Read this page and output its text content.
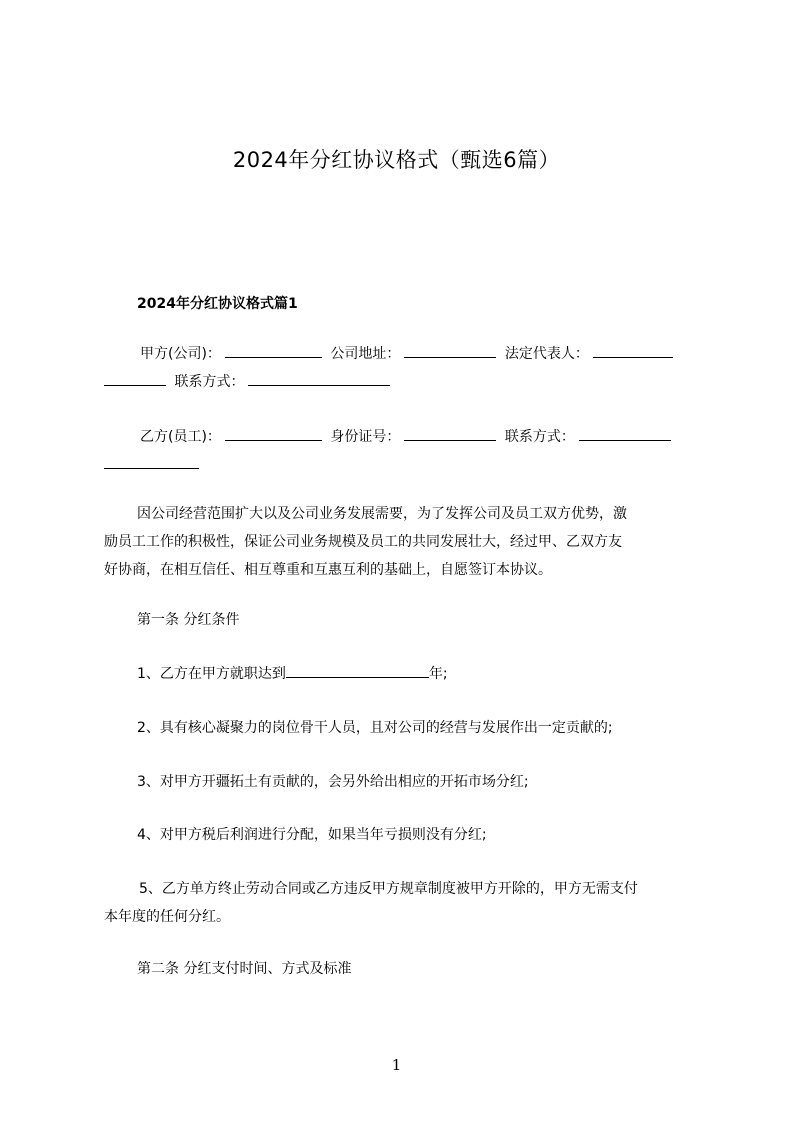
2024年分红协议格式（甄选6篇）
2024年分红协议格式篇1
甲方(公司)：	公司地址：	法定代表人：
联系方式：
乙方(员工)：	身份证号：	联系方式：
因公司经营范围扩大以及公司业务发展需要，为了发挥公司及员工双方优势，激
励员工工作的积极性，保证公司业务规模及员工的共同发展壮大，经过甲、乙双方友
好协商，在相互信任、相互尊重和互惠互利的基础上，自愿签订本协议。
第一条 分红条件
1、乙方在甲方就职达到	年;
2、具有核心凝聚力的岗位骨干人员，且对公司的经营与发展作出一定贡献的;
3、对甲方开疆拓土有贡献的，会另外给出相应的开拓市场分红;
4、对甲方税后利润进行分配，如果当年亏损则没有分红;
5、乙方单方终止劳动合同或乙方违反甲方规章制度被甲方开除的，甲方无需支付
本年度的任何分红。
第二条 分红支付时间、方式及标准
1
